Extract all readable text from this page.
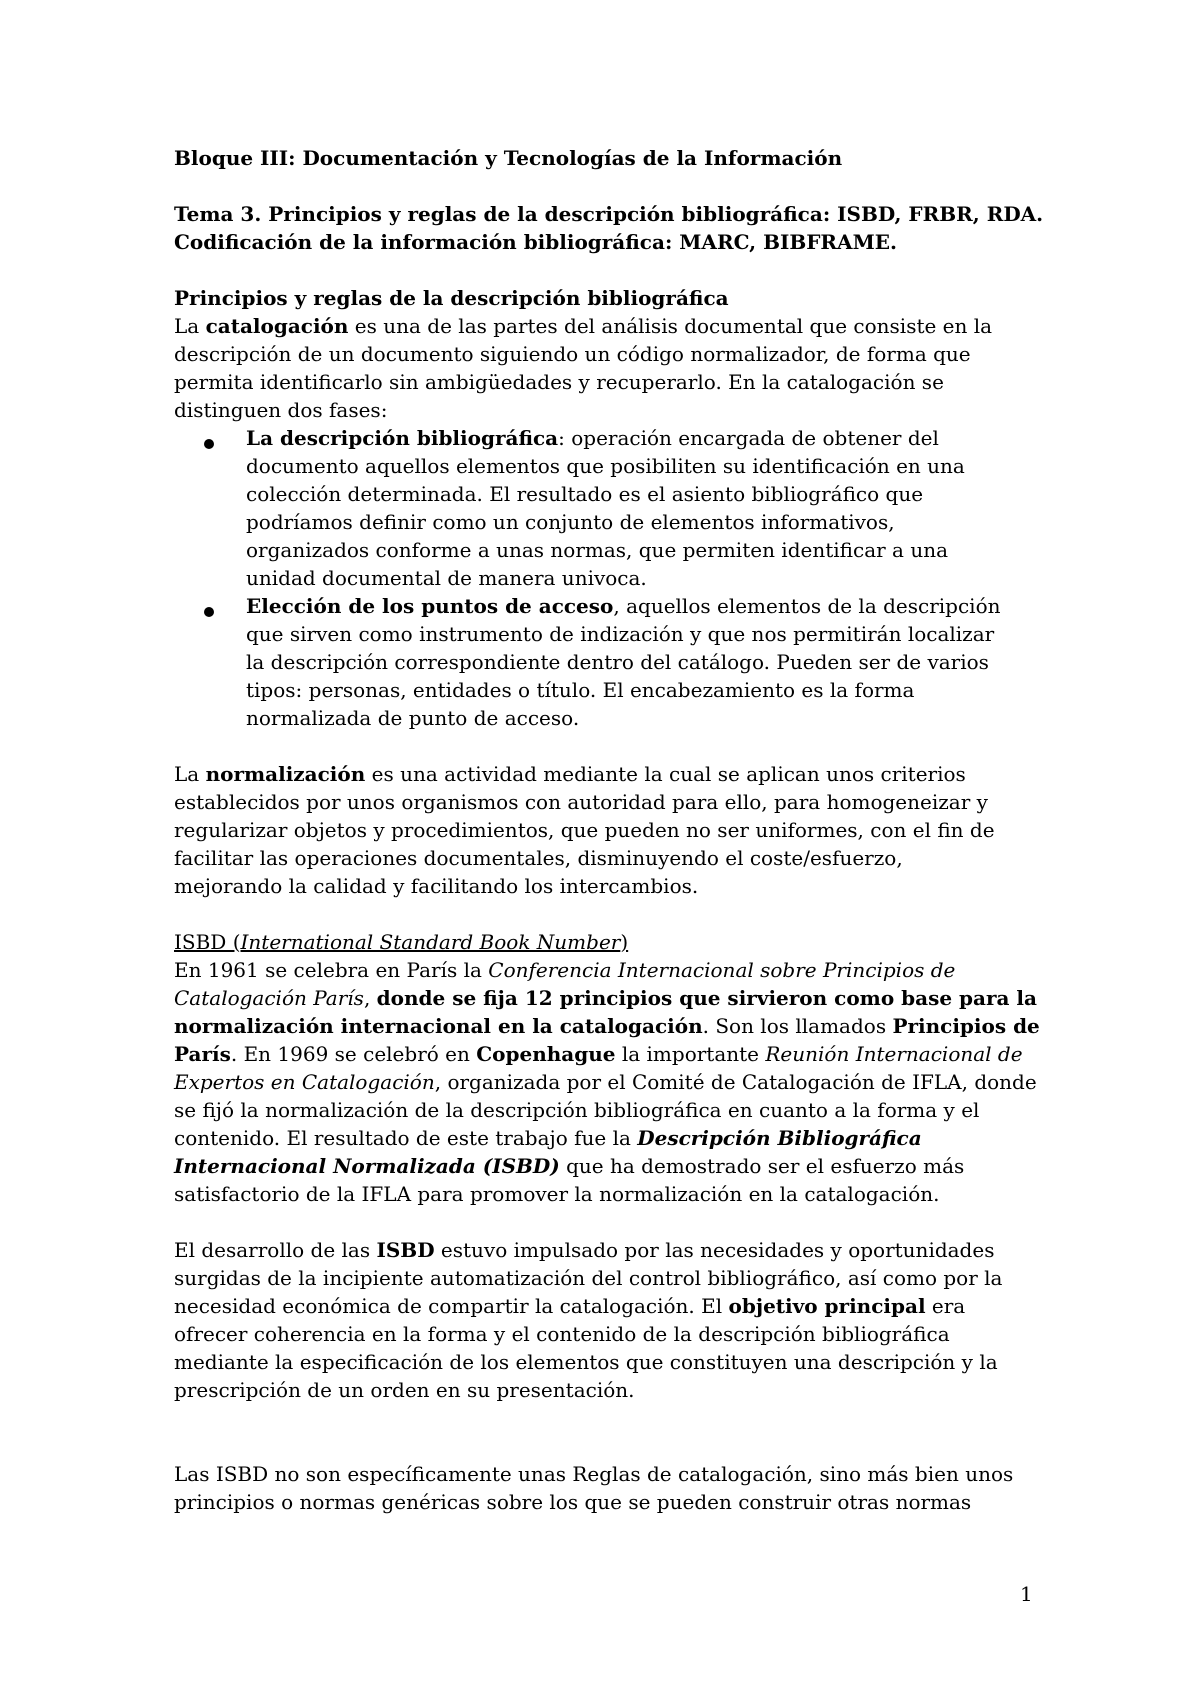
Bloque III: Documentación y Tecnologías de la Información
Tema 3. Principios y reglas de la descripción bibliográfica: ISBD, FRBR, RDA.
Codificación de la información bibliográfica: MARC, BIBFRAME.
Principios y reglas de la descripción bibliográfica
La catalogación es una de las partes del análisis documental que consiste en la
descripción de un documento siguiendo un código normalizador, de forma que
permita identificarlo sin ambigüedades y recuperarlo. En la catalogación se
distinguen dos fases:
La descripción bibliográfica: operación encargada de obtener del
documento aquellos elementos que posibiliten su identificación en una
colección determinada. El resultado es el asiento bibliográfico que
podríamos definir como un conjunto de elementos informativos,
organizados conforme a unas normas, que permiten identificar a una
unidad documental de manera univoca.
Elección de los puntos de acceso, aquellos elementos de la descripción
que sirven como instrumento de indización y que nos permitirán localizar
la descripción correspondiente dentro del catálogo. Pueden ser de varios
tipos: personas, entidades o título. El encabezamiento es la forma
normalizada de punto de acceso.
La normalización es una actividad mediante la cual se aplican unos criterios
establecidos por unos organismos con autoridad para ello, para homogeneizar y
regularizar objetos y procedimientos, que pueden no ser uniformes, con el fin de
facilitar las operaciones documentales, disminuyendo el coste/esfuerzo,
mejorando la calidad y facilitando los intercambios.
ISBD (International Standard Book Number)
En 1961 se celebra en París la Conferencia Internacional sobre Principios de
Catalogación París, donde se fija 12 principios que sirvieron como base para la
normalización internacional en la catalogación. Son los llamados Principios de
París. En 1969 se celebró en Copenhague la importante Reunión Internacional de
Expertos en Catalogación, organizada por el Comité de Catalogación de IFLA, donde
se fijó la normalización de la descripción bibliográfica en cuanto a la forma y el
contenido. El resultado de este trabajo fue la Descripción Bibliográfica
Internacional Normalizada (ISBD) que ha demostrado ser el esfuerzo más
satisfactorio de la IFLA para promover la normalización en la catalogación.
El desarrollo de las ISBD estuvo impulsado por las necesidades y oportunidades
surgidas de la incipiente automatización del control bibliográfico, así como por la
necesidad económica de compartir la catalogación. El objetivo principal era
ofrecer coherencia en la forma y el contenido de la descripción bibliográfica
mediante la especificación de los elementos que constituyen una descripción y la
prescripción de un orden en su presentación.
Las ISBD no son específicamente unas Reglas de catalogación, sino más bien unos
principios o normas genéricas sobre los que se pueden construir otras normas
1
